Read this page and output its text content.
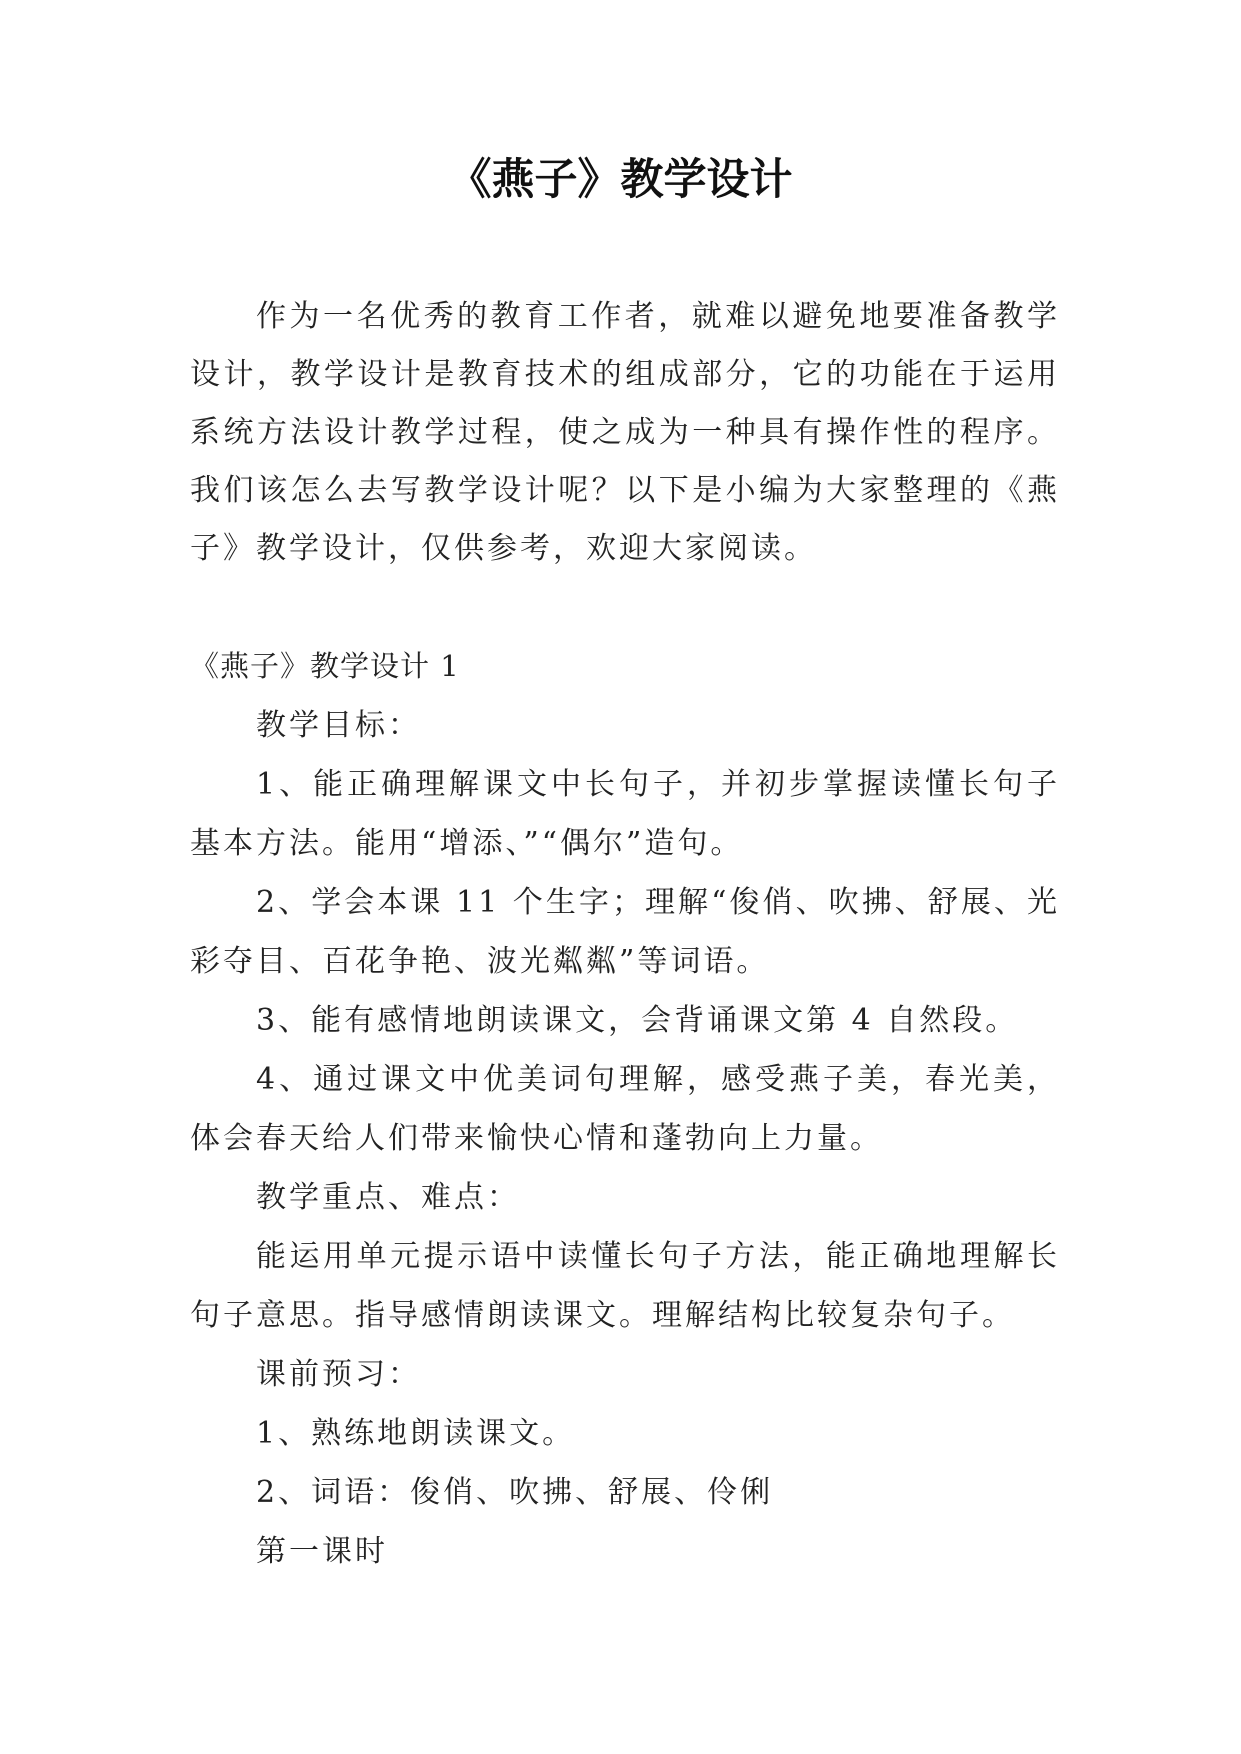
《燕子》教学设计

作为一名优秀的教育工作者，就难以避免地要准备教学设计，教学设计是教育技术的组成部分，它的功能在于运用系统方法设计教学过程，使之成为一种具有操作性的程序。我们该怎么去写教学设计呢？以下是小编为大家整理的《燕子》教学设计，仅供参考，欢迎大家阅读。

《燕子》教学设计 1

教学目标：

1、能正确理解课文中长句子，并初步掌握读懂长句子基本方法。能用“增添、”“偶尔”造句。

2、学会本课 11 个生字；理解“俊俏、吹拂、舒展、光彩夺目、百花争艳、波光粼粼”等词语。

3、能有感情地朗读课文，会背诵课文第 4 自然段。

4、通过课文中优美词句理解，感受燕子美，春光美，体会春天给人们带来愉快心情和蓬勃向上力量。

教学重点、难点：

能运用单元提示语中读懂长句子方法，能正确地理解长句子意思。指导感情朗读课文。理解结构比较复杂句子。

课前预习：

1、熟练地朗读课文。

2、词语：俊俏、吹拂、舒展、伶俐

第一课时
